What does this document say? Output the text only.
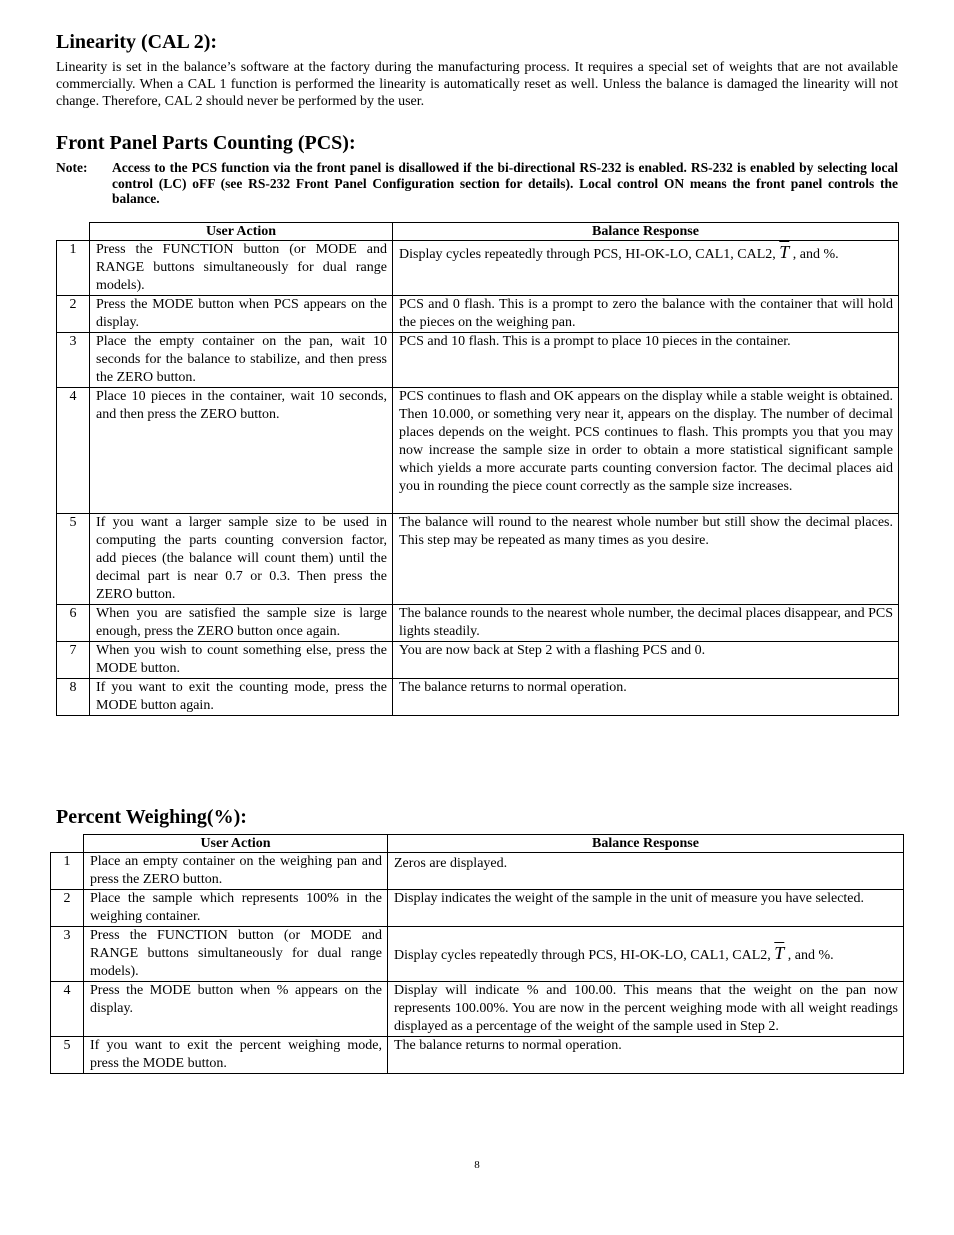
Linearity (CAL 2):

Linearity is set in the balance’s software at the factory during the manufacturing process. It requires a special set of weights that are not available commercially. When a CAL 1 function is performed the linearity is automatically reset as well. Unless the balance is damaged the linearity will not change. Therefore, CAL 2 should never be performed by the user.

Front Panel Parts Counting (PCS):
Note:	Access to the PCS function via the front panel is disallowed if the bi-directional RS-232 is enabled. RS-232 is enabled by selecting local control (LC) oFF (see RS-232 Front Panel Configuration section for details). Local control ON means the front panel controls the balance.
	User Action	Balance Response
1	Press the FUNCTION button (or MODE and RANGE buttons simultaneously for dual range models).	Display cycles repeatedly through PCS, HI-OK-LO, CAL1, CAL2, $\overline{T}$ , and %.
2	Press the MODE button when PCS appears on the display.	PCS and 0 flash. This is a prompt to zero the balance with the container that will hold the pieces on the weighing pan.
3	Place the empty container on the pan, wait 10 seconds for the balance to stabilize, and then press the ZERO button.	PCS and 10 flash. This is a prompt to place 10 pieces in the container.
4	Place 10 pieces in the container, wait 10 seconds, and then press the ZERO button.	PCS continues to flash and OK appears on the display while a stable weight is obtained. Then 10.000, or something very near it, appears on the display. The number of decimal places depends on the weight. PCS continues to flash. This prompts you that you may now increase the sample size in order to obtain a more statistical significant sample which yields a more accurate parts counting conversion factor. The decimal places aid you in rounding the piece count correctly as the sample size increases.
5	If you want a larger sample size to be used in computing the parts counting conversion factor, add pieces (the balance will count them) until the decimal part is near 0.7 or 0.3. Then press the ZERO button.	The balance will round to the nearest whole number but still show the decimal places. This step may be repeated as many times as you desire.
6	When you are satisfied the sample size is large enough, press the ZERO button once again.	The balance rounds to the nearest whole number, the decimal places disappear, and PCS lights steadily.
7	When you wish to count something else, press the MODE button.	You are now back at Step 2 with a flashing PCS and 0.
8	If you want to exit the counting mode, press the MODE button again.	The balance returns to normal operation.
Percent Weighing(%):
	User Action	Balance Response
1	Place an empty container on the weighing pan and press the ZERO button.	Zeros are displayed.
2	Place the sample which represents 100% in the weighing container.	Display indicates the weight of the sample in the unit of measure you have selected.
3	Press the FUNCTION button (or MODE and RANGE buttons simultaneously for dual range models).	Display cycles repeatedly through PCS, HI-OK-LO, CAL1, CAL2, $\overline{T}$ , and %.
4	Press the MODE button when % appears on the display.	Display will indicate % and 100.00. This means that the weight on the pan now represents 100.00%. You are now in the percent weighing mode with all weight readings displayed as a percentage of the weight of the sample used in Step 2.
5	If you want to exit the percent weighing mode, press the MODE button.	The balance returns to normal operation.
8
